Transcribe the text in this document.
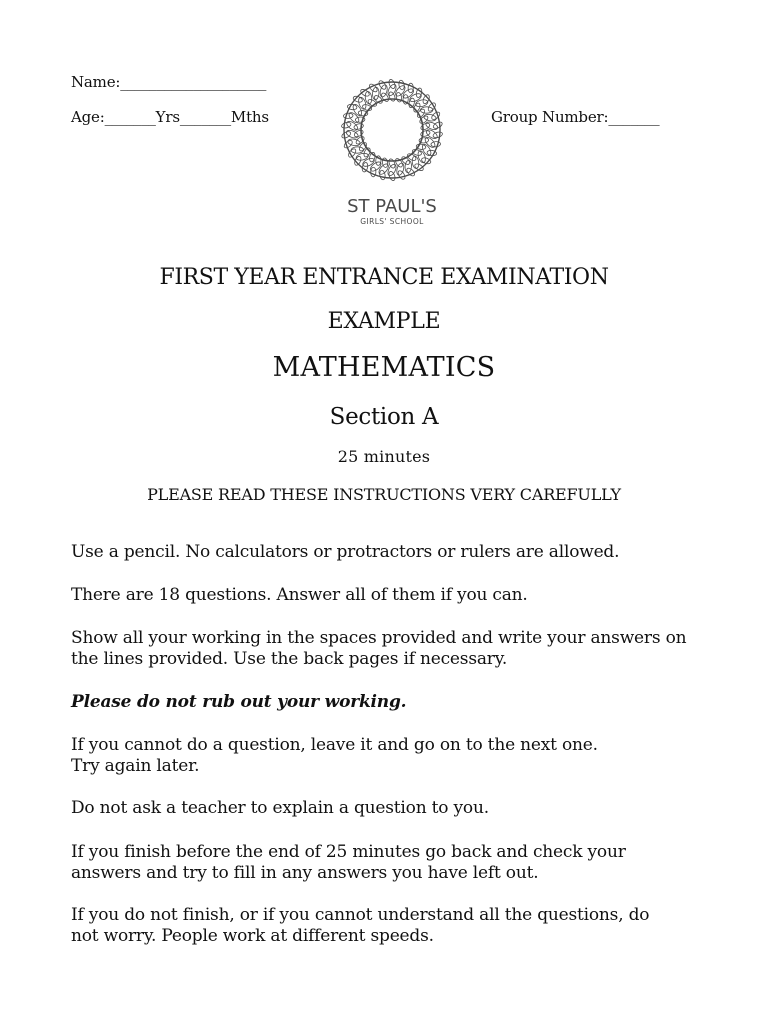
Name:____________________
Age:_______Yrs_______Mths	Group Number:_______
ST PAUL'S
GIRLS' SCHOOL
FIRST YEAR ENTRANCE EXAMINATION
EXAMPLE
MATHEMATICS
Section A
25 minutes
PLEASE READ THESE INSTRUCTIONS VERY CAREFULLY

Use a pencil. No calculators or protractors or rulers are allowed.

There are 18 questions. Answer all of them if you can.

Show all your working in the spaces provided and write your answers on
the lines provided. Use the back pages if necessary.

Please do not rub out your working.

If you cannot do a question, leave it and go on to the next one.
Try again later.

Do not ask a teacher to explain a question to you.

If you finish before the end of 25 minutes go back and check your
answers and try to fill in any answers you have left out.

If you do not finish, or if you cannot understand all the questions, do
not worry. People work at different speeds.
